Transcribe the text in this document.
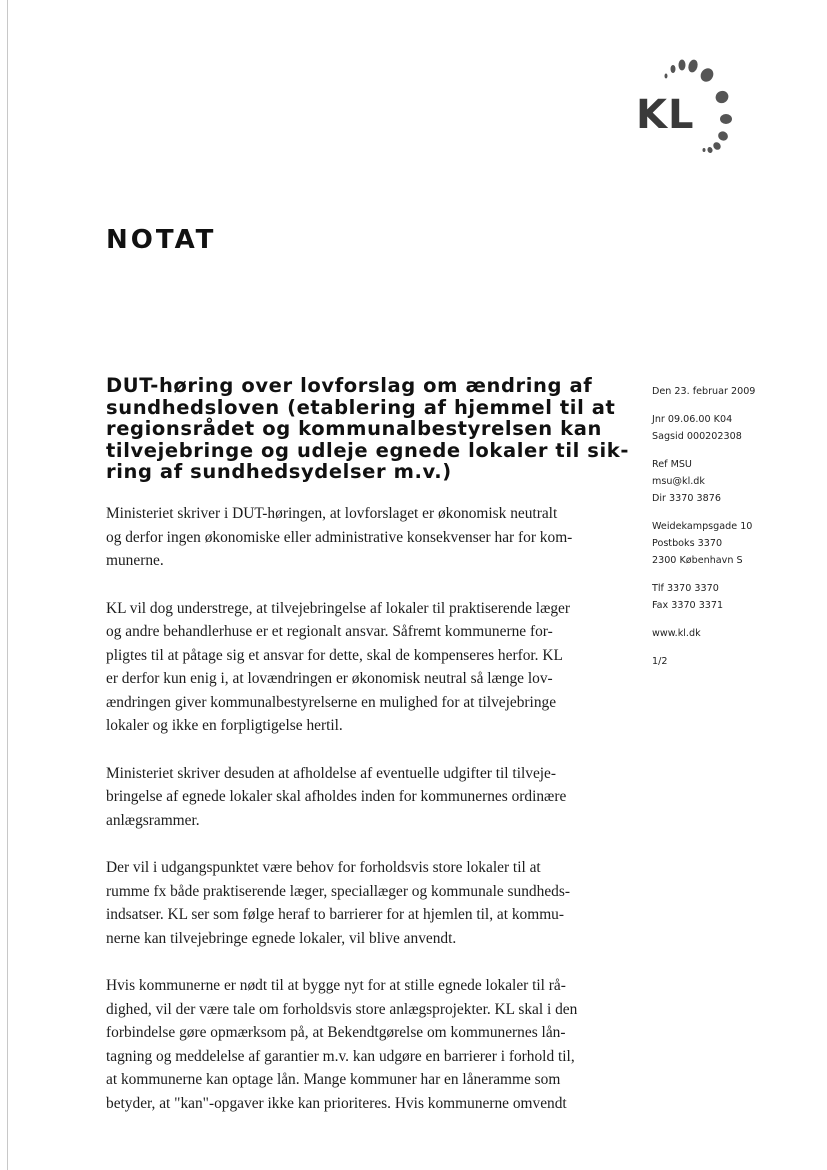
KL
NOTAT
DUT-høring over lovforslag om ændring af
sundhedsloven (etablering af hjemmel til at
regionsrådet og kommunalbestyrelsen kan
tilvejebringe og udleje egnede lokaler til sik-
ring af sundhedsydelser m.v.)

Ministeriet skriver i DUT-høringen, at lovforslaget er økonomisk neutralt
og derfor ingen økonomiske eller administrative konsekvenser har for kom-
munerne.

KL vil dog understrege, at tilvejebringelse af lokaler til praktiserende læger
og andre behandlerhuse er et regionalt ansvar. Såfremt kommunerne for-
pligtes til at påtage sig et ansvar for dette, skal de kompenseres herfor. KL
er derfor kun enig i, at lovændringen er økonomisk neutral så længe lov-
ændringen giver kommunalbestyrelserne en mulighed for at tilvejebringe
lokaler og ikke en forpligtigelse hertil.

Ministeriet skriver desuden at afholdelse af eventuelle udgifter til tilveje-
bringelse af egnede lokaler skal afholdes inden for kommunernes ordinære
anlægsrammer.

Der vil i udgangspunktet være behov for forholdsvis store lokaler til at
rumme fx både praktiserende læger, speciallæger og kommunale sundheds-
indsatser. KL ser som følge heraf to barrierer for at hjemlen til, at kommu-
nerne kan tilvejebringe egnede lokaler, vil blive anvendt.

Hvis kommunerne er nødt til at bygge nyt for at stille egnede lokaler til rå-
dighed, vil der være tale om forholdsvis store anlægsprojekter. KL skal i den
forbindelse gøre opmærksom på, at Bekendtgørelse om kommunernes lån-
tagning og meddelelse af garantier m.v. kan udgøre en barrierer i forhold til,
at kommunerne kan optage lån. Mange kommuner har en låneramme som
betyder, at "kan"-opgaver ikke kan prioriteres. Hvis kommunerne omvendt

Den 23. februar 2009
Jnr 09.06.00 K04
Sagsid 000202308
Ref MSU
msu@kl.dk
Dir 3370 3876
Weidekampsgade 10
Postboks 3370
2300 København S
Tlf 3370 3370
Fax 3370 3371
www.kl.dk
1/2
